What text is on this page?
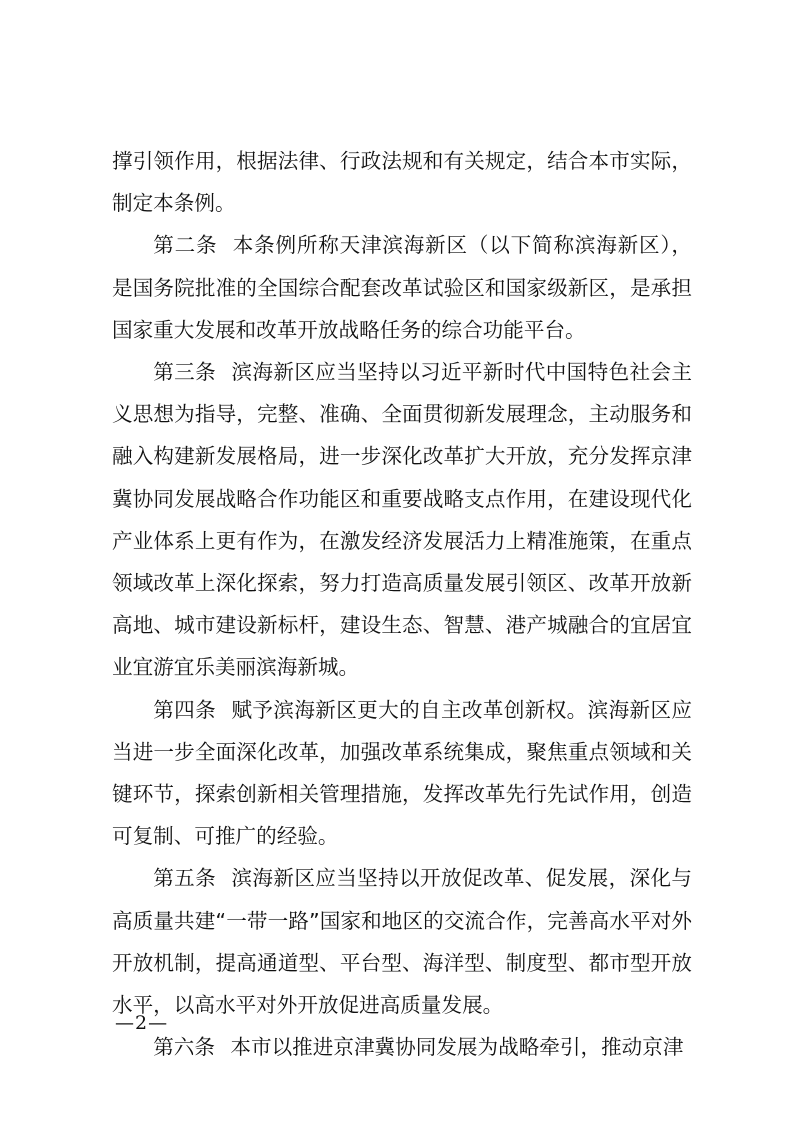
撑引领作用，根据法律、行政法规和有关规定，结合本市实际，制定本条例。

第二条 本条例所称天津滨海新区（以下简称滨海新区），是国务院批准的全国综合配套改革试验区和国家级新区，是承担国家重大发展和改革开放战略任务的综合功能平台。

第三条 滨海新区应当坚持以习近平新时代中国特色社会主义思想为指导，完整、准确、全面贯彻新发展理念，主动服务和融入构建新发展格局，进一步深化改革扩大开放，充分发挥京津冀协同发展战略合作功能区和重要战略支点作用，在建设现代化产业体系上更有作为，在激发经济发展活力上精准施策，在重点领域改革上深化探索，努力打造高质量发展引领区、改革开放新高地、城市建设新标杆，建设生态、智慧、港产城融合的宜居宜业宜游宜乐美丽滨海新城。

第四条 赋予滨海新区更大的自主改革创新权。滨海新区应当进一步全面深化改革，加强改革系统集成，聚焦重点领域和关键环节，探索创新相关管理措施，发挥改革先行先试作用，创造可复制、可推广的经验。

第五条 滨海新区应当坚持以开放促改革、促发展，深化与高质量共建“一带一路”国家和地区的交流合作，完善高水平对外开放机制，提高通道型、平台型、海洋型、制度型、都市型开放水平，以高水平对外开放促进高质量发展。

第六条 本市以推进京津冀协同发展为战略牵引，推动京津

—2—
